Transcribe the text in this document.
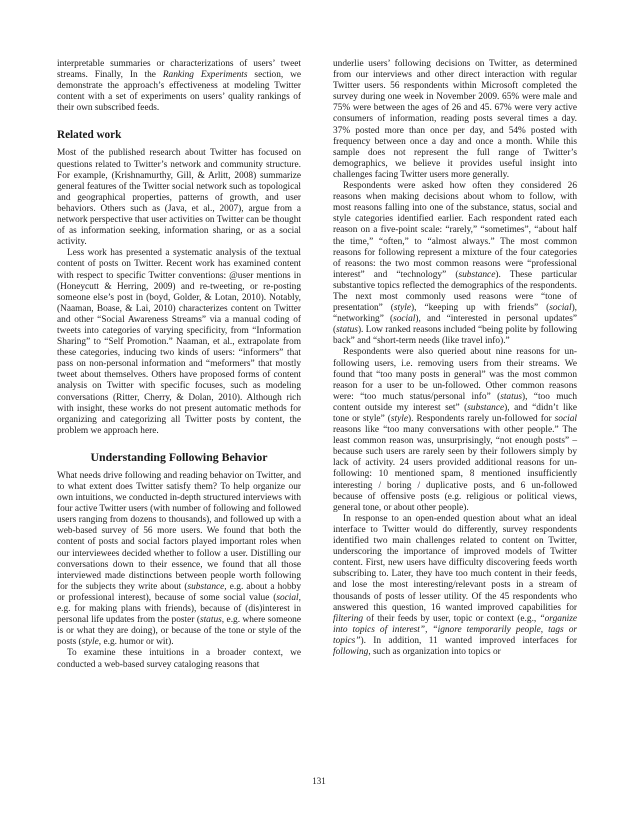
interpretable summaries or characterizations of users’ tweet streams. Finally, In the Ranking Experiments section, we demonstrate the approach’s effectiveness at modeling Twitter content with a set of experiments on users’ quality rankings of their own subscribed feeds.

Related work

Most of the published research about Twitter has focused on questions related to Twitter’s network and community structure. For example, (Krishnamurthy, Gill, & Arlitt, 2008) summarize general features of the Twitter social network such as topological and geographical properties, patterns of growth, and user behaviors. Others such as (Java, et al., 2007), argue from a network perspective that user activities on Twitter can be thought of as information seeking, information sharing, or as a social activity.

Less work has presented a systematic analysis of the textual content of posts on Twitter. Recent work has examined content with respect to specific Twitter conventions: @user mentions in (Honeycutt & Herring, 2009) and re-tweeting, or re-posting someone else’s post in (boyd, Golder, & Lotan, 2010). Notably, (Naaman, Boase, & Lai, 2010) characterizes content on Twitter and other “Social Awareness Streams” via a manual coding of tweets into categories of varying specificity, from “Information Sharing” to “Self Promotion.” Naaman, et al., extrapolate from these categories, inducing two kinds of users: “informers” that pass on non-personal information and “meformers” that mostly tweet about themselves. Others have proposed forms of content analysis on Twitter with specific focuses, such as modeling conversations (Ritter, Cherry, & Dolan, 2010). Although rich with insight, these works do not present automatic methods for organizing and categorizing all Twitter posts by content, the problem we approach here.

Understanding Following Behavior

What needs drive following and reading behavior on Twitter, and to what extent does Twitter satisfy them? To help organize our own intuitions, we conducted in-depth structured interviews with four active Twitter users (with number of following and followed users ranging from dozens to thousands), and followed up with a web-based survey of 56 more users. We found that both the content of posts and social factors played important roles when our interviewees decided whether to follow a user. Distilling our conversations down to their essence, we found that all those interviewed made distinctions between people worth following for the subjects they write about (substance, e.g. about a hobby or professional interest), because of some social value (social, e.g. for making plans with friends), because of (dis)interest in personal life updates from the poster (status, e.g. where someone is or what they are doing), or because of the tone or style of the posts (style, e.g. humor or wit).

To examine these intuitions in a broader context, we conducted a web-based survey cataloging reasons that

underlie users’ following decisions on Twitter, as determined from our interviews and other direct interaction with regular Twitter users. 56 respondents within Microsoft completed the survey during one week in November 2009. 65% were male and 75% were between the ages of 26 and 45. 67% were very active consumers of information, reading posts several times a day. 37% posted more than once per day, and 54% posted with frequency between once a day and once a month. While this sample does not represent the full range of Twitter’s demographics, we believe it provides useful insight into challenges facing Twitter users more generally.

Respondents were asked how often they considered 26 reasons when making decisions about whom to follow, with most reasons falling into one of the substance, status, social and style categories identified earlier. Each respondent rated each reason on a five-point scale: “rarely,” “sometimes”, “about half the time,” “often,” to “almost always.” The most common reasons for following represent a mixture of the four categories of reasons: the two most common reasons were “professional interest” and “technology” (substance). These particular substantive topics reflected the demographics of the respondents. The next most commonly used reasons were “tone of presentation” (style), “keeping up with friends” (social), “networking” (social), and “interested in personal updates” (status). Low ranked reasons included “being polite by following back” and “short-term needs (like travel info).”

Respondents were also queried about nine reasons for un-following users, i.e. removing users from their streams. We found that “too many posts in general” was the most common reason for a user to be un-followed. Other common reasons were: “too much status/personal info” (status), “too much content outside my interest set” (substance), and “didn’t like tone or style” (style). Respondents rarely un-followed for social reasons like “too many conversations with other people.” The least common reason was, unsurprisingly, “not enough posts” – because such users are rarely seen by their followers simply by lack of activity. 24 users provided additional reasons for un-following: 10 mentioned spam, 8 mentioned insufficiently interesting / boring / duplicative posts, and 6 un-followed because of offensive posts (e.g. religious or political views, general tone, or about other people).

In response to an open-ended question about what an ideal interface to Twitter would do differently, survey respondents identified two main challenges related to content on Twitter, underscoring the importance of improved models of Twitter content. First, new users have difficulty discovering feeds worth subscribing to. Later, they have too much content in their feeds, and lose the most interesting/relevant posts in a stream of thousands of posts of lesser utility. Of the 45 respondents who answered this question, 16 wanted improved capabilities for filtering of their feeds by user, topic or context (e.g., “organize into topics of interest”, “ignore temporarily people, tags or topics”). In addition, 11 wanted improved interfaces for following, such as organization into topics or

131
